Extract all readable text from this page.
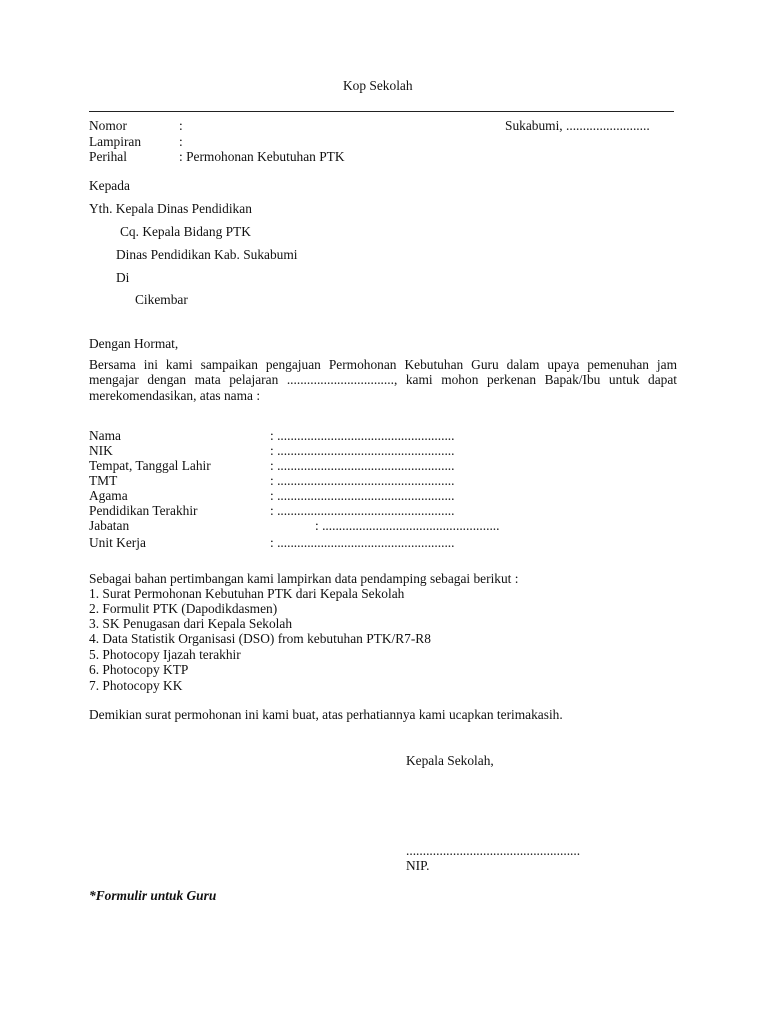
Kop Sekolah
Nomor	:	Sukabumi, .........................
Lampiran	:
Perihal	: Permohonan Kebutuhan PTK
Kepada
Yth. Kepala Dinas Pendidikan
Cq. Kepala Bidang PTK
Dinas Pendidikan Kab. Sukabumi
Di
Cikembar
Dengan Hormat,
Bersama ini kami sampaikan pengajuan Permohonan Kebutuhan Guru dalam upaya pemenuhan jam mengajar dengan mata pelajaran ................................, kami mohon perkenan Bapak/Ibu untuk dapat merekomendasikan, atas nama :
Nama	: .....................................................
NIK	: .....................................................
Tempat, Tanggal Lahir	: .....................................................
TMT	: .....................................................
Agama	: .....................................................
Pendidikan Terakhir	: .....................................................
Jabatan	: .....................................................
Unit Kerja	: .....................................................
Sebagai bahan pertimbangan kami lampirkan data pendamping sebagai berikut :
1. Surat Permohonan Kebutuhan PTK dari Kepala Sekolah
2. Formulit PTK (Dapodikdasmen)
3. SK Penugasan dari Kepala Sekolah
4. Data Statistik Organisasi (DSO) from kebutuhan PTK/R7-R8
5. Photocopy Ijazah terakhir
6. Photocopy KTP
7. Photocopy KK
Demikian surat permohonan ini kami buat, atas perhatiannya kami ucapkan terimakasih.
Kepala Sekolah,
....................................................
NIP.
*Formulir untuk Guru
